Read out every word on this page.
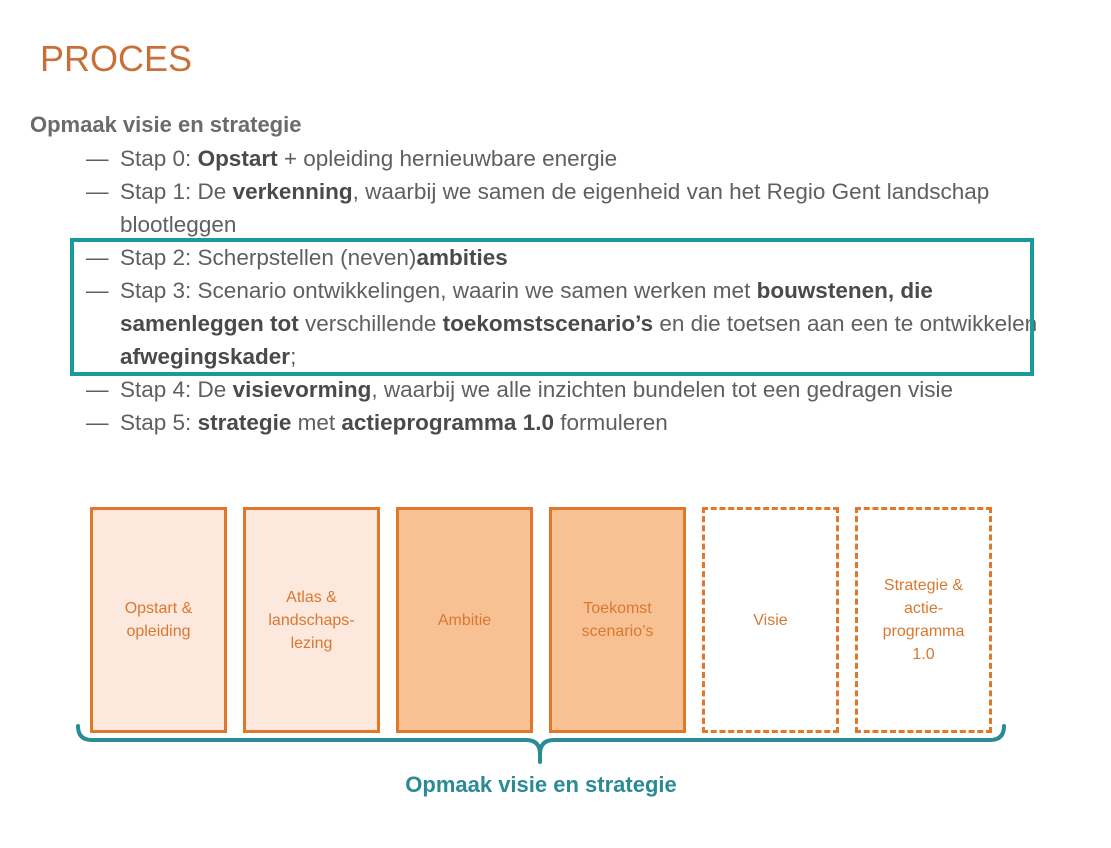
PROCES
Opmaak visie en strategie
— Stap 0: Opstart + opleiding hernieuwbare energie
— Stap 1: De verkenning, waarbij we samen de eigenheid van het Regio Gent landschap blootleggen
— Stap 2: Scherpstellen (neven)ambities
— Stap 3: Scenario ontwikkelingen, waarin we samen werken met bouwstenen, die samenleggen tot verschillende toekomstscenario’s en die toetsen aan een te ontwikkelen afwegingskader;
— Stap 4: De visievorming, waarbij we alle inzichten bundelen tot een gedragen visie
— Stap 5: strategie met actieprogramma 1.0 formuleren
Opstart &
opleiding
Atlas &
landschaps-
lezing
Ambitie
Toekomst
scenario’s
Visie
Strategie &
actie-
programma
1.0
Opmaak visie en strategie
